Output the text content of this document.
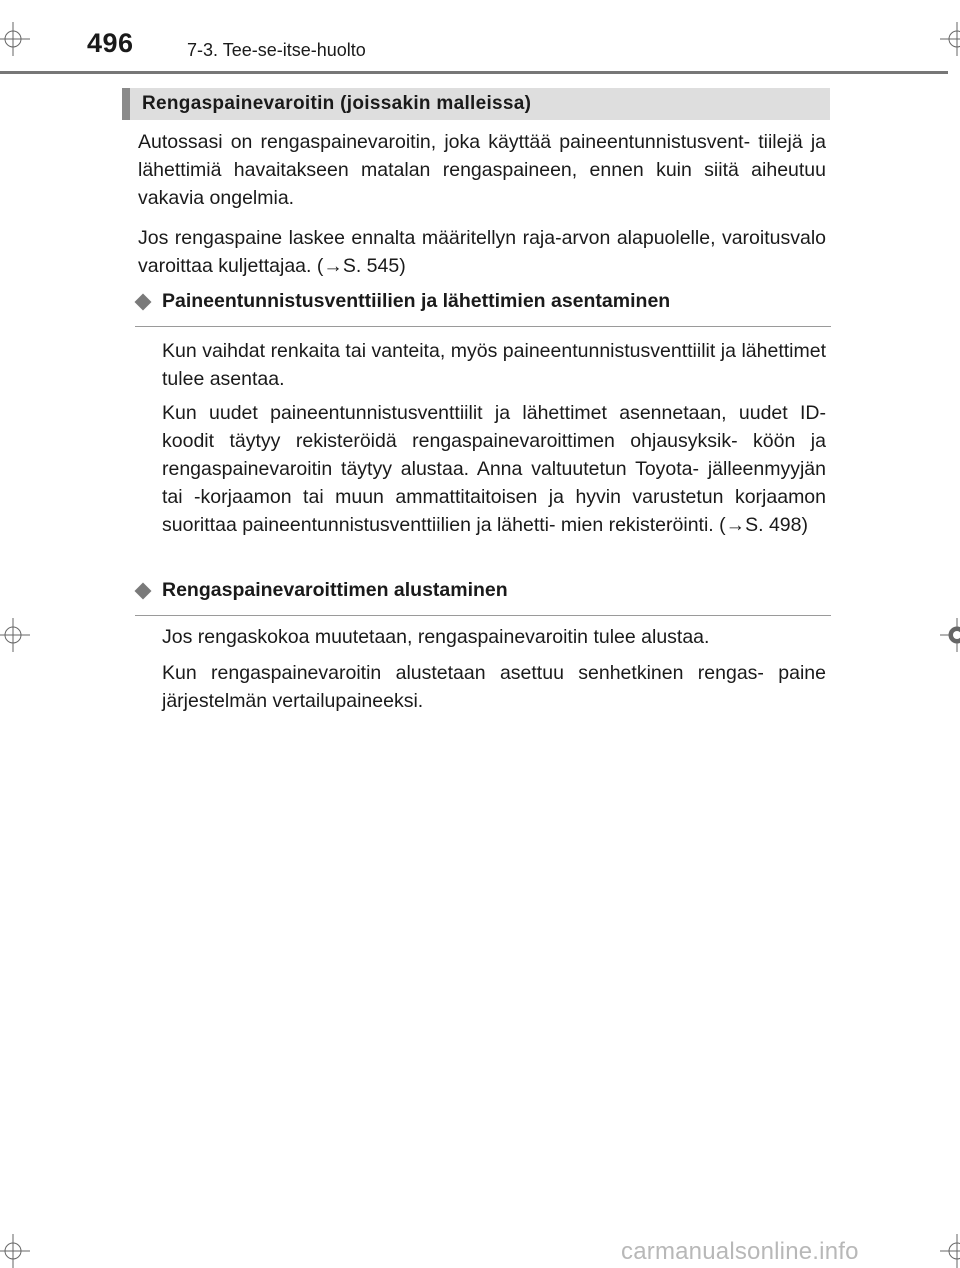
496	7-3. Tee-se-itse-huolto
Rengaspainevaroitin (joissakin malleissa)

Autossasi on rengaspainevaroitin, joka käyttää paineentunnistusvent- tiilejä ja lähettimiä havaitakseen matalan rengaspaineen, ennen kuin siitä aiheutuu vakavia ongelmia.

Jos rengaspaine laskee ennalta määritellyn raja-arvon alapuolelle, varoitusvalo varoittaa kuljettajaa. (→S. 545)

Paineentunnistusventtiilien ja lähettimien asentaminen

Kun vaihdat renkaita tai vanteita, myös paineentunnistusventtiilit ja lähettimet tulee asentaa.

Kun uudet paineentunnistusventtiilit ja lähettimet asennetaan, uudet ID-koodit täytyy rekisteröidä rengaspainevaroittimen ohjausyksik- köön ja rengaspainevaroitin täytyy alustaa. Anna valtuutetun Toyota- jälleenmyyjän tai -korjaamon tai muun ammattitaitoisen ja hyvin varustetun korjaamon suorittaa paineentunnistusventtiilien ja lähetti- mien rekisteröinti. (→S. 498)

Rengaspainevaroittimen alustaminen

Jos rengaskokoa muutetaan, rengaspainevaroitin tulee alustaa.

Kun rengaspainevaroitin alustetaan asettuu senhetkinen rengas- paine järjestelmän vertailupaineeksi.

carmanualsonline.info
